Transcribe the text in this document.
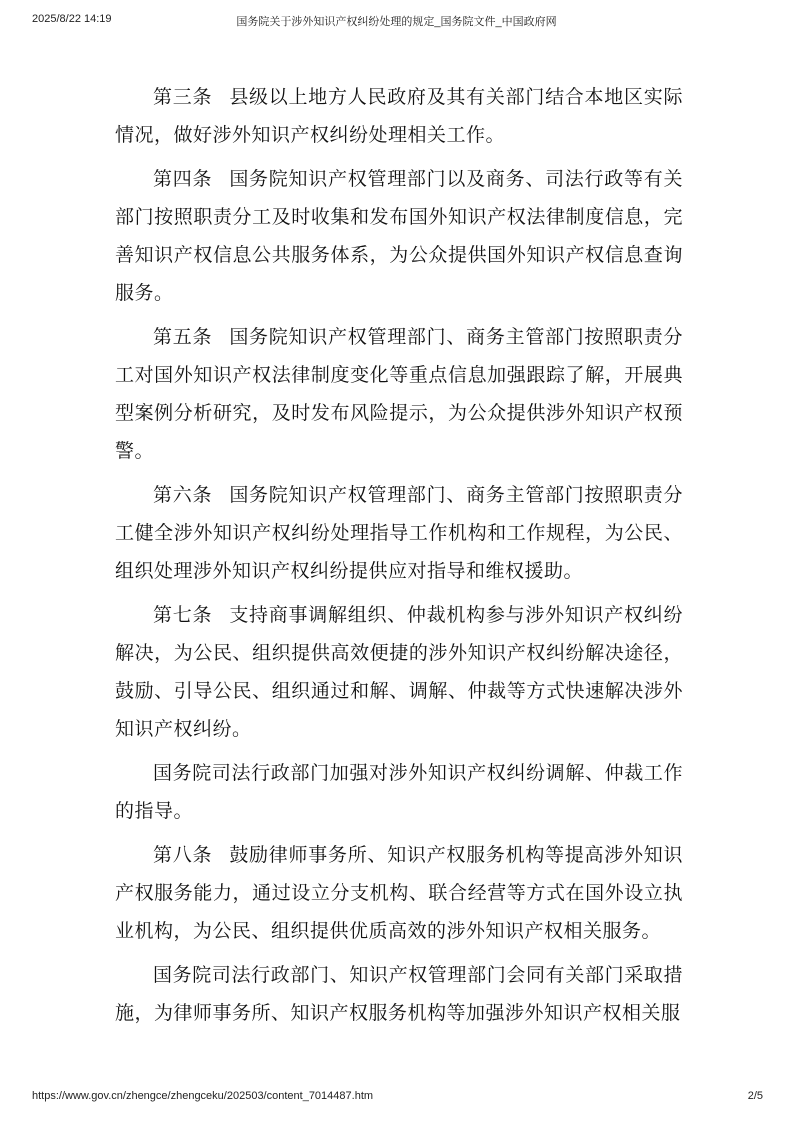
2025/8/22 14:19	国务院关于涉外知识产权纠纷处理的规定_国务院文件_中国政府网

第三条 县级以上地方人民政府及其有关部门结合本地区实际情况，做好涉外知识产权纠纷处理相关工作。

第四条 国务院知识产权管理部门以及商务、司法行政等有关部门按照职责分工及时收集和发布国外知识产权法律制度信息，完善知识产权信息公共服务体系，为公众提供国外知识产权信息查询服务。

第五条 国务院知识产权管理部门、商务主管部门按照职责分工对国外知识产权法律制度变化等重点信息加强跟踪了解，开展典型案例分析研究，及时发布风险提示，为公众提供涉外知识产权预警。

第六条 国务院知识产权管理部门、商务主管部门按照职责分工健全涉外知识产权纠纷处理指导工作机构和工作规程，为公民、组织处理涉外知识产权纠纷提供应对指导和维权援助。

第七条 支持商事调解组织、仲裁机构参与涉外知识产权纠纷解决，为公民、组织提供高效便捷的涉外知识产权纠纷解决途径，鼓励、引导公民、组织通过和解、调解、仲裁等方式快速解决涉外知识产权纠纷。

国务院司法行政部门加强对涉外知识产权纠纷调解、仲裁工作的指导。

第八条 鼓励律师事务所、知识产权服务机构等提高涉外知识产权服务能力，通过设立分支机构、联合经营等方式在国外设立执业机构，为公民、组织提供优质高效的涉外知识产权相关服务。

国务院司法行政部门、知识产权管理部门会同有关部门采取措施，为律师事务所、知识产权服务机构等加强涉外知识产权相关服

https://www.gov.cn/zhengce/zhengceku/202503/content_7014487.htm	2/5
